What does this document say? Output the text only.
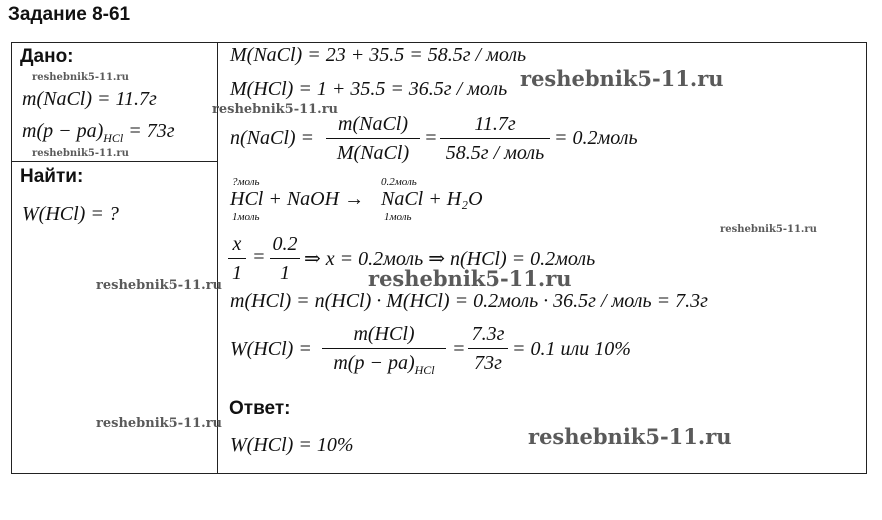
Задание 8-61
Дано:
reshebnik5-11.ru
m(NaCl) = 11.7г
$m(p - pa)_{HCl} = 73г$
reshebnik5-11.ru
Найти:
W(HCl) = ?
M(NaCl) = 23 + 35.5 = 58.5г / моль
M(HCl) = 1 + 35.5 = 36.5г / моль reshebnik5-11.ru
reshebnik5-11.ru
n(NaCl) =
m(NaCl)
M(NaCl)
=
11.7г
58.5г / моль
= 0.2моль
?моль	0.2моль
HCl + NaOH → NaCl + H₂O
1моль	1моль
reshebnik5-11.ru
x
1
=
0.2
1
⇒ x = 0.2моль ⇒ n(HCl) = 0.2моль
reshebnik5-11.ru	reshebnik5-11.ru
m(HCl) = n(HCl) · M(HCl) = 0.2моль · 36.5г / моль = 7.3г
W(HCl) =
m(HCl)
$m(p - pa)_{HCl}$
=
7.3г
73г
= 0.1 или 10%
Ответ:
reshebnik5-11.ru
reshebnik5-11.ru
W(HCl) = 10%
